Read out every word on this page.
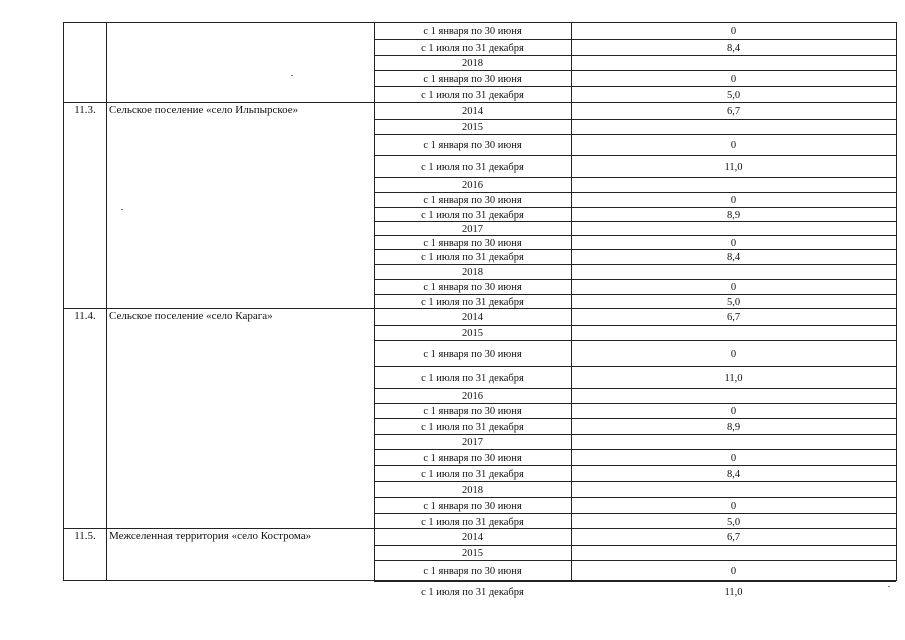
с 1 января по 30 июня	0
с 1 июля по 31 декабря	8,4
2018
с 1 января по 30 июня	0
с 1 июля по 31 декабря	5,0
11.3.	Сельское поселение «село Ильпырское»	2014	6,7
2015
с 1 января по 30 июня	0
с 1 июля по 31 декабря	11,0
2016
с 1 января по 30 июня	0
с 1 июля по 31 декабря	8,9
2017
с 1 января по 30 июня	0
с 1 июля по 31 декабря	8,4
2018
с 1 января по 30 июня	0
с 1 июля по 31 декабря	5,0
11.4.	Сельское поселение «село Карага»	2014	6,7
2015
с 1 января по 30 июня	0
с 1 июля по 31 декабря	11,0
2016
с 1 января по 30 июня	0
с 1 июля по 31 декабря	8,9
2017
с 1 января по 30 июня	0
с 1 июля по 31 декабря	8,4
2018
с 1 января по 30 июня	0
с 1 июля по 31 декабря	5,0
11.5.	Межселенная территория «село Кострома»	2014	6,7
2015
с 1 января по 30 июня	0
с 1 июля по 31 декабря	11,0
